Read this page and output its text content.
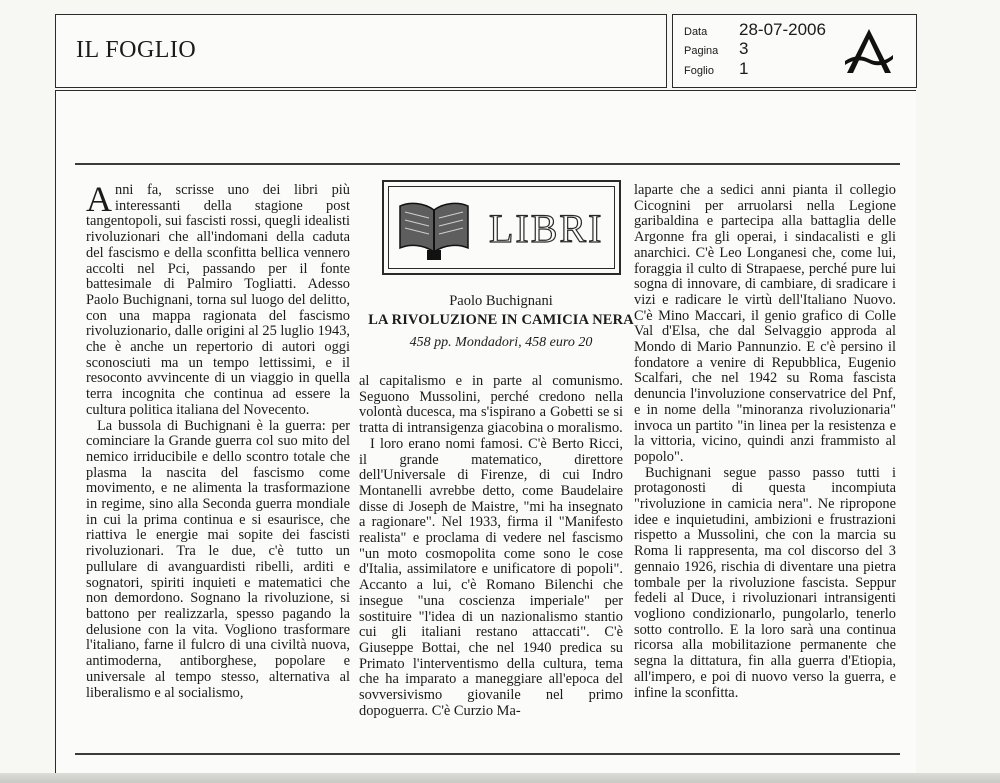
IL FOGLIO
Data 28-07-2006
Pagina 3
Foglio 1

Anni fa, scrisse uno dei libri più interessanti della stagione post tangentopoli, sui fascisti rossi, quegli idealisti rivoluzionari che all'indomani della caduta del fascismo e della sconfitta bellica vennero accolti nel Pci, passando per il fonte battesimale di Palmiro Togliatti. Adesso Paolo Buchignani, torna sul luogo del delitto, con una mappa ragionata del fascismo rivoluzionario, dalle origini al 25 luglio 1943, che è anche un repertorio di autori oggi sconosciuti ma un tempo lettissimi, e il resoconto avvincente di un viaggio in quella terra incognita che continua ad essere la cultura politica italiana del Novecento.

La bussola di Buchignani è la guerra: per cominciare la Grande guerra col suo mito del nemico irriducibile e dello scontro totale che plasma la nascita del fascismo come movimento, e ne alimenta la trasformazione in regime, sino alla Seconda guerra mondiale in cui la prima continua e si esaurisce, che riattiva le energie mai sopite dei fascisti rivoluzionari. Tra le due, c'è tutto un pullulare di avanguardisti ribelli, arditi e sognatori, spiriti inquieti e matematici che non demordono. Sognano la rivoluzione, si battono per realizzarla, spesso pagando la delusione con la vita. Vogliono trasformare l'italiano, farne il fulcro di una civiltà nuova, antimoderna, antiborghese, popolare e universale al tempo stesso, alternativa al liberalismo e al socialismo,

LIBRI
Paolo Buchignani
LA RIVOLUZIONE IN CAMICIA NERA
458 pp. Mondadori, 458 euro 20

al capitalismo e in parte al comunismo. Seguono Mussolini, perché credono nella volontà ducesca, ma s'ispirano a Gobetti se si tratta di intransigenza giacobina o moralismo.

I loro erano nomi famosi. C'è Berto Ricci, il grande matematico, direttore dell'Universale di Firenze, di cui Indro Montanelli avrebbe detto, come Baudelaire disse di Joseph de Maistre, "mi ha insegnato a ragionare". Nel 1933, firma il "Manifesto realista" e proclama di vedere nel fascismo "un moto cosmopolita come sono le cose d'Italia, assimilatore e unificatore di popoli". Accanto a lui, c'è Romano Bilenchi che insegue "una coscienza imperiale" per sostituire "l'idea di un nazionalismo stantio cui gli italiani restano attaccati". C'è Giuseppe Bottai, che nel 1940 predica su Primato l'interventismo della cultura, tema che ha imparato a maneggiare all'epoca del sovversivismo giovanile nel primo dopoguerra. C'è Curzio Ma-

laparte che a sedici anni pianta il collegio Cicognini per arruolarsi nella Legione garibaldina e partecipa alla battaglia delle Argonne fra gli operai, i sindacalisti e gli anarchici. C'è Leo Longanesi che, come lui, foraggia il culto di Strapaese, perché pure lui sogna di innovare, di cambiare, di sradicare i vizi e radicare le virtù dell'Italiano Nuovo. C'è Mino Maccari, il genio grafico di Colle Val d'Elsa, che dal Selvaggio approda al Mondo di Mario Pannunzio. E c'è persino il fondatore a venire di Repubblica, Eugenio Scalfari, che nel 1942 su Roma fascista denuncia l'involuzione conservatrice del Pnf, e in nome della "minoranza rivoluzionaria" invoca un partito "in linea per la resistenza e la vittoria, vicino, quindi anzi frammisto al popolo".

Buchignani segue passo passo tutti i protagonosti di questa incompiuta "rivoluzione in camicia nera". Ne ripropone idee e inquietudini, ambizioni e frustrazioni rispetto a Mussolini, che con la marcia su Roma li rappresenta, ma col discorso del 3 gennaio 1926, rischia di diventare una pietra tombale per la rivoluzione fascista. Seppur fedeli al Duce, i rivoluzionari intransigenti vogliono condizionarlo, pungolarlo, tenerlo sotto controllo. E la loro sarà una continua ricorsa alla mobilitazione permanente che segna la dittatura, fin alla guerra d'Etiopia, all'impero, e poi di nuovo verso la guerra, e infine la sconfitta.
